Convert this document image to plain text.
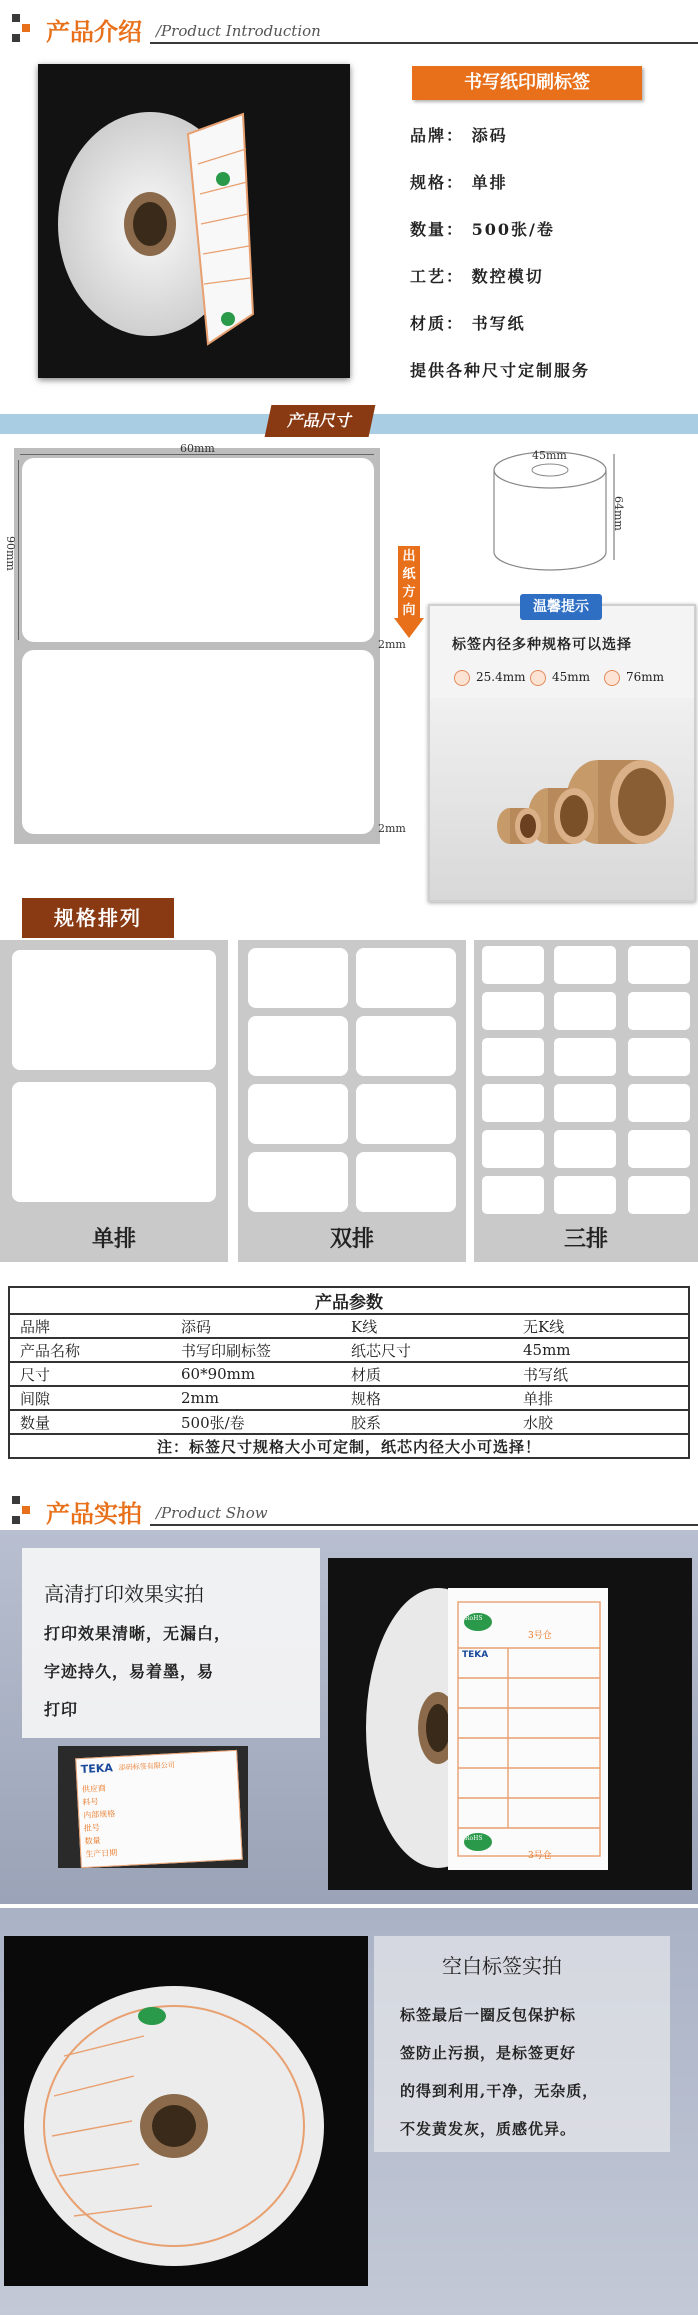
产品介绍 /Product Introduction
书写纸印刷标签
品牌： 添码
规格： 单排
数量： 500张/卷
工艺： 数控模切
材质： 书写纸
提供各种尺寸定制服务
产品尺寸
60mm
90mm
2mm
2mm
出纸方向
45mm
64mm
温馨提示
标签内径多种规格可以选择
25.4mm 45mm	76mm
规格排列
单排	双排	三排
产品参数			
品牌	添码	K线	无K线
产品名称	书写印刷标签	纸芯尺寸	45mm
尺寸	60*90mm	材质	书写纸
间隙	2mm	规格	单排
数量	500张/卷	胶系	水胶
注：标签尺寸规格大小可定制，纸芯内径大小可选择！			
产品实拍 /Product Show
高清打印效果实拍
打印效果清晰，无漏白，
字迹持久，易着墨，易
打印
TEKA 添码标签有限公司
供应商
料号
内部规格
批号
数量
生产日期
TEKA
RoHS
RoHS
3号仓
3号仓
空白标签实拍
标签最后一圈反包保护标
签防止污损，是标签更好
的得到利用,干净，无杂质，
不发黄发灰，质感优异。
